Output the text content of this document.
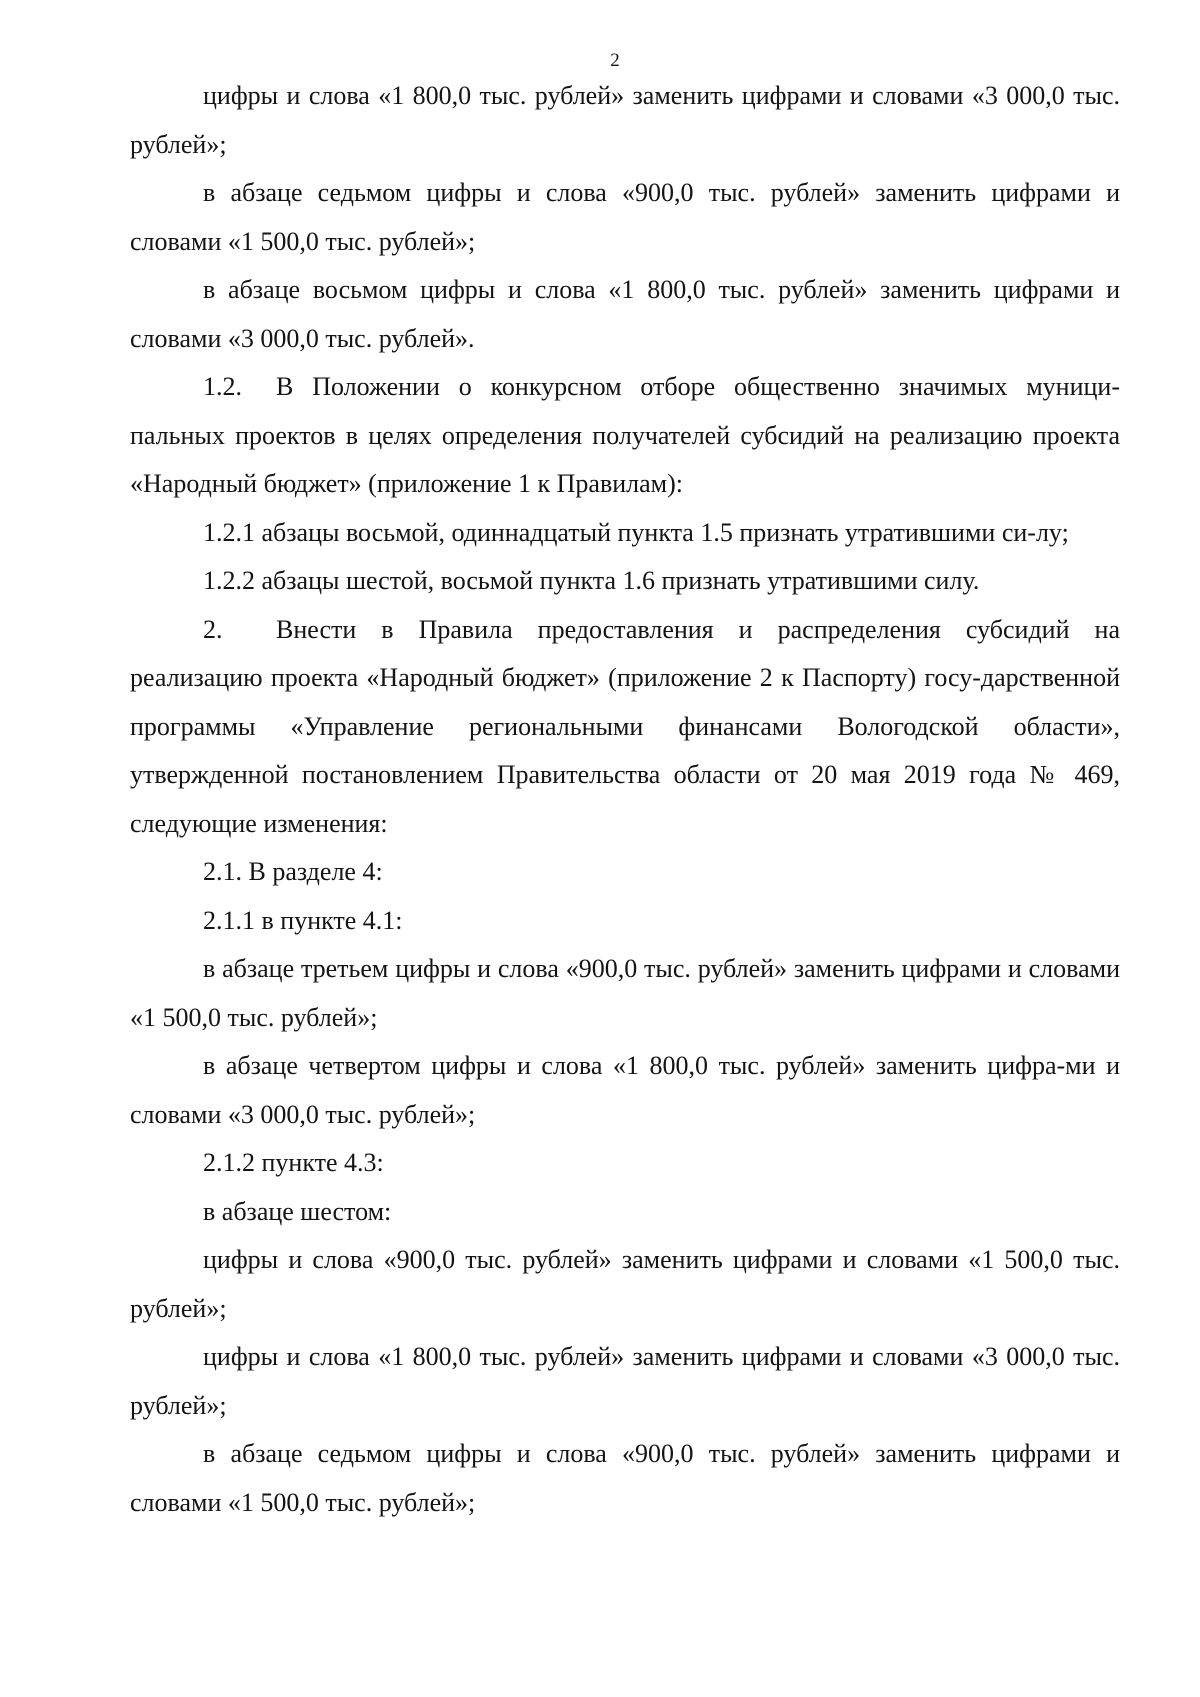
2

цифры и слова «1 800,0 тыс. рублей» заменить цифрами и словами «3 000,0 тыс. рублей»;

в абзаце седьмом цифры и слова «900,0 тыс. рублей» заменить цифрами и словами «1 500,0 тыс. рублей»;

в абзаце восьмом цифры и слова «1 800,0 тыс. рублей» заменить цифрами и словами «3 000,0 тыс. рублей».

1.2. В Положении о конкурсном отборе общественно значимых муници-пальных проектов в целях определения получателей субсидий на реализацию проекта «Народный бюджет» (приложение 1 к Правилам):

1.2.1 абзацы восьмой, одиннадцатый пункта 1.5 признать утратившими си-лу;

1.2.2 абзацы шестой, восьмой пункта 1.6 признать утратившими силу.

2. Внести в Правила предоставления и распределения субсидий на реализацию проекта «Народный бюджет» (приложение 2 к Паспорту) госу-дарственной программы «Управление региональными финансами Вологодской области», утвержденной постановлением Правительства области от 20 мая 2019 года № 469, следующие изменения:

2.1. В разделе 4:

2.1.1 в пункте 4.1:

в абзаце третьем цифры и слова «900,0 тыс. рублей» заменить цифрами и словами «1 500,0 тыс. рублей»;

в абзаце четвертом цифры и слова «1 800,0 тыс. рублей» заменить цифра-ми и словами «3 000,0 тыс. рублей»;

2.1.2 пункте 4.3:

в абзаце шестом:

цифры и слова «900,0 тыс. рублей» заменить цифрами и словами «1 500,0 тыс. рублей»;

цифры и слова «1 800,0 тыс. рублей» заменить цифрами и словами «3 000,0 тыс. рублей»;

в абзаце седьмом цифры и слова «900,0 тыс. рублей» заменить цифрами и словами «1 500,0 тыс. рублей»;
